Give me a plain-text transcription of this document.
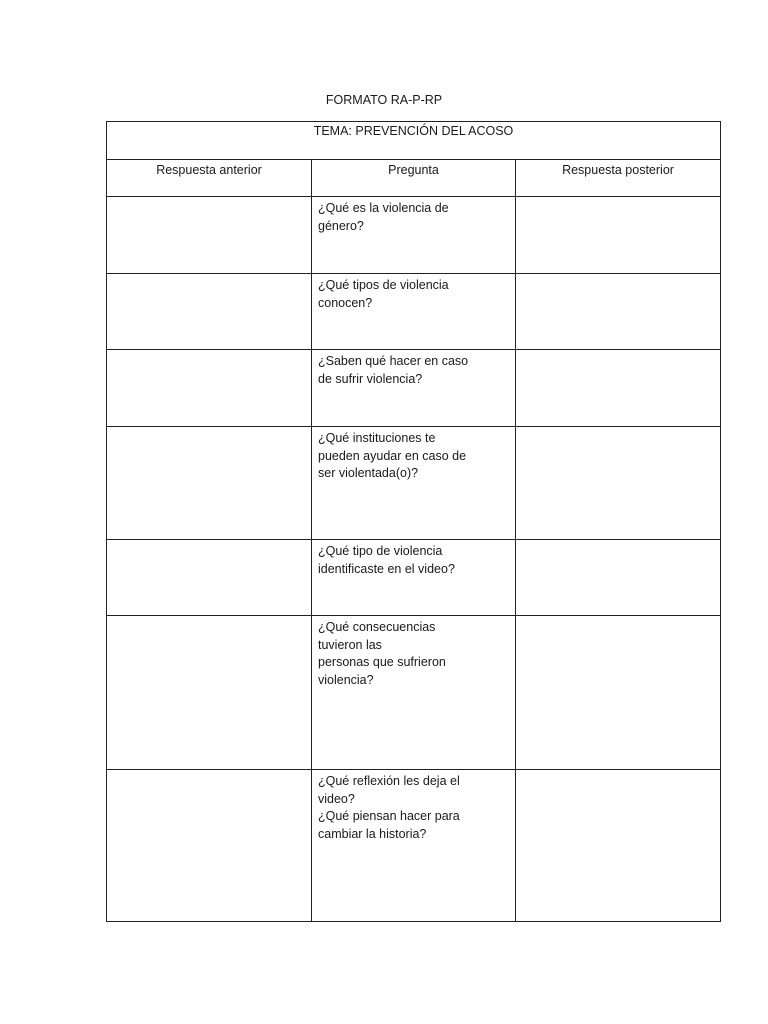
FORMATO RA-P-RP
TEMA: PREVENCIÓN DEL ACOSO		
Respuesta anterior	Pregunta	Respuesta posterior

	¿Qué es la violencia de
género?	

	¿Qué tipos de violencia
conocen?	

	¿Saben qué hacer en caso
de sufrir violencia?	

	¿Qué instituciones te
pueden ayudar en caso de
ser violentada(o)?	

	¿Qué tipo de violencia
identificaste en el video?	

	¿Qué consecuencias
tuvieron las
personas que sufrieron
violencia?	

	¿Qué reflexión les deja el
video?
¿Qué piensan hacer para
cambiar la historia?	
